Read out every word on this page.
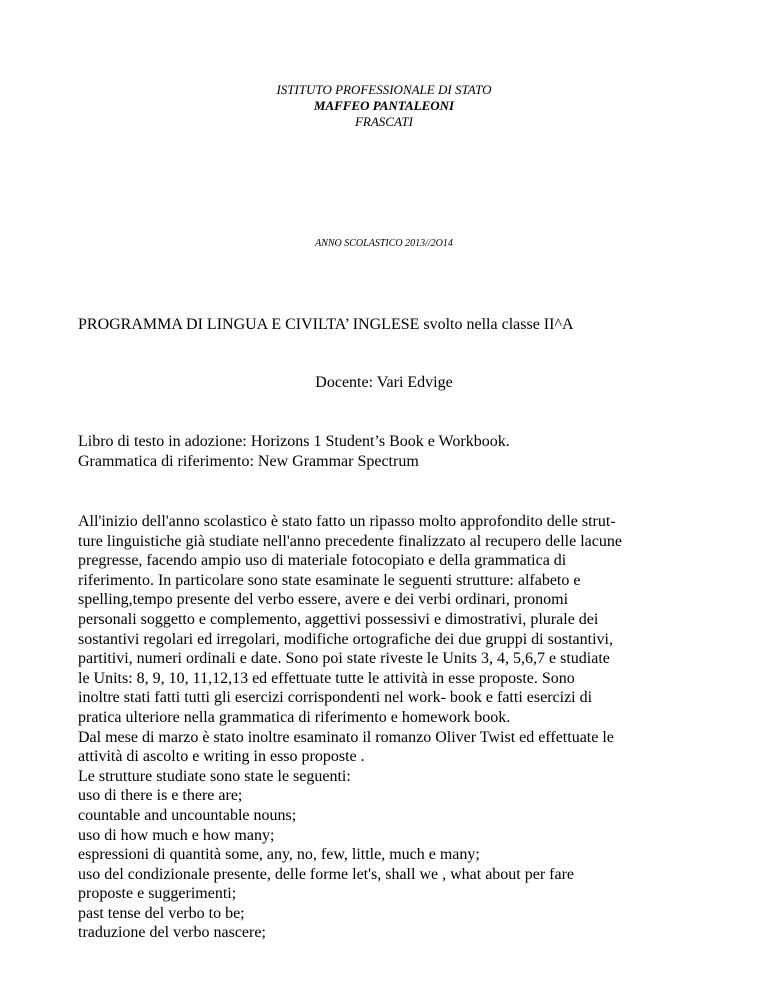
ISTITUTO PROFESSIONALE DI STATO
MAFFEO PANTALEONI
FRASCATI
ANNO SCOLASTICO 2013//2O14
PROGRAMMA DI LINGUA E CIVILTA’ INGLESE svolto nella classe II^A
Docente: Vari Edvige
Libro di testo in adozione: Horizons 1 Student’s Book e Workbook.
Grammatica di riferimento: New Grammar Spectrum
All'inizio dell'anno scolastico è stato fatto un ripasso molto approfondito delle strut-
ture linguistiche già studiate nell'anno precedente finalizzato al recupero delle lacune
pregresse, facendo ampio uso di materiale fotocopiato e della grammatica di
riferimento. In particolare sono state esaminate le seguenti strutture: alfabeto e
spelling,tempo presente del verbo essere, avere e dei verbi ordinari, pronomi
personali soggetto e complemento, aggettivi possessivi e dimostrativi, plurale dei
sostantivi regolari ed irregolari, modifiche ortografiche dei due gruppi di sostantivi,
partitivi, numeri ordinali e date. Sono poi state riveste le Units 3, 4, 5,6,7 e studiate
le Units: 8, 9, 10, 11,12,13 ed effettuate tutte le attività in esse proposte. Sono
inoltre stati fatti tutti gli esercizi corrispondenti nel work- book e fatti esercizi di
pratica ulteriore nella grammatica di riferimento e homework book.
Dal mese di marzo è stato inoltre esaminato il romanzo Oliver Twist ed effettuate le
attività di ascolto e writing in esso proposte .
Le strutture studiate sono state le seguenti:
uso di there is e there are;
countable and uncountable nouns;
uso di how much e how many;
espressioni di quantità some, any, no, few, little, much e many;
uso del condizionale presente, delle forme let's, shall we , what about per fare
proposte e suggerimenti;
past tense del verbo to be;
traduzione del verbo nascere;
